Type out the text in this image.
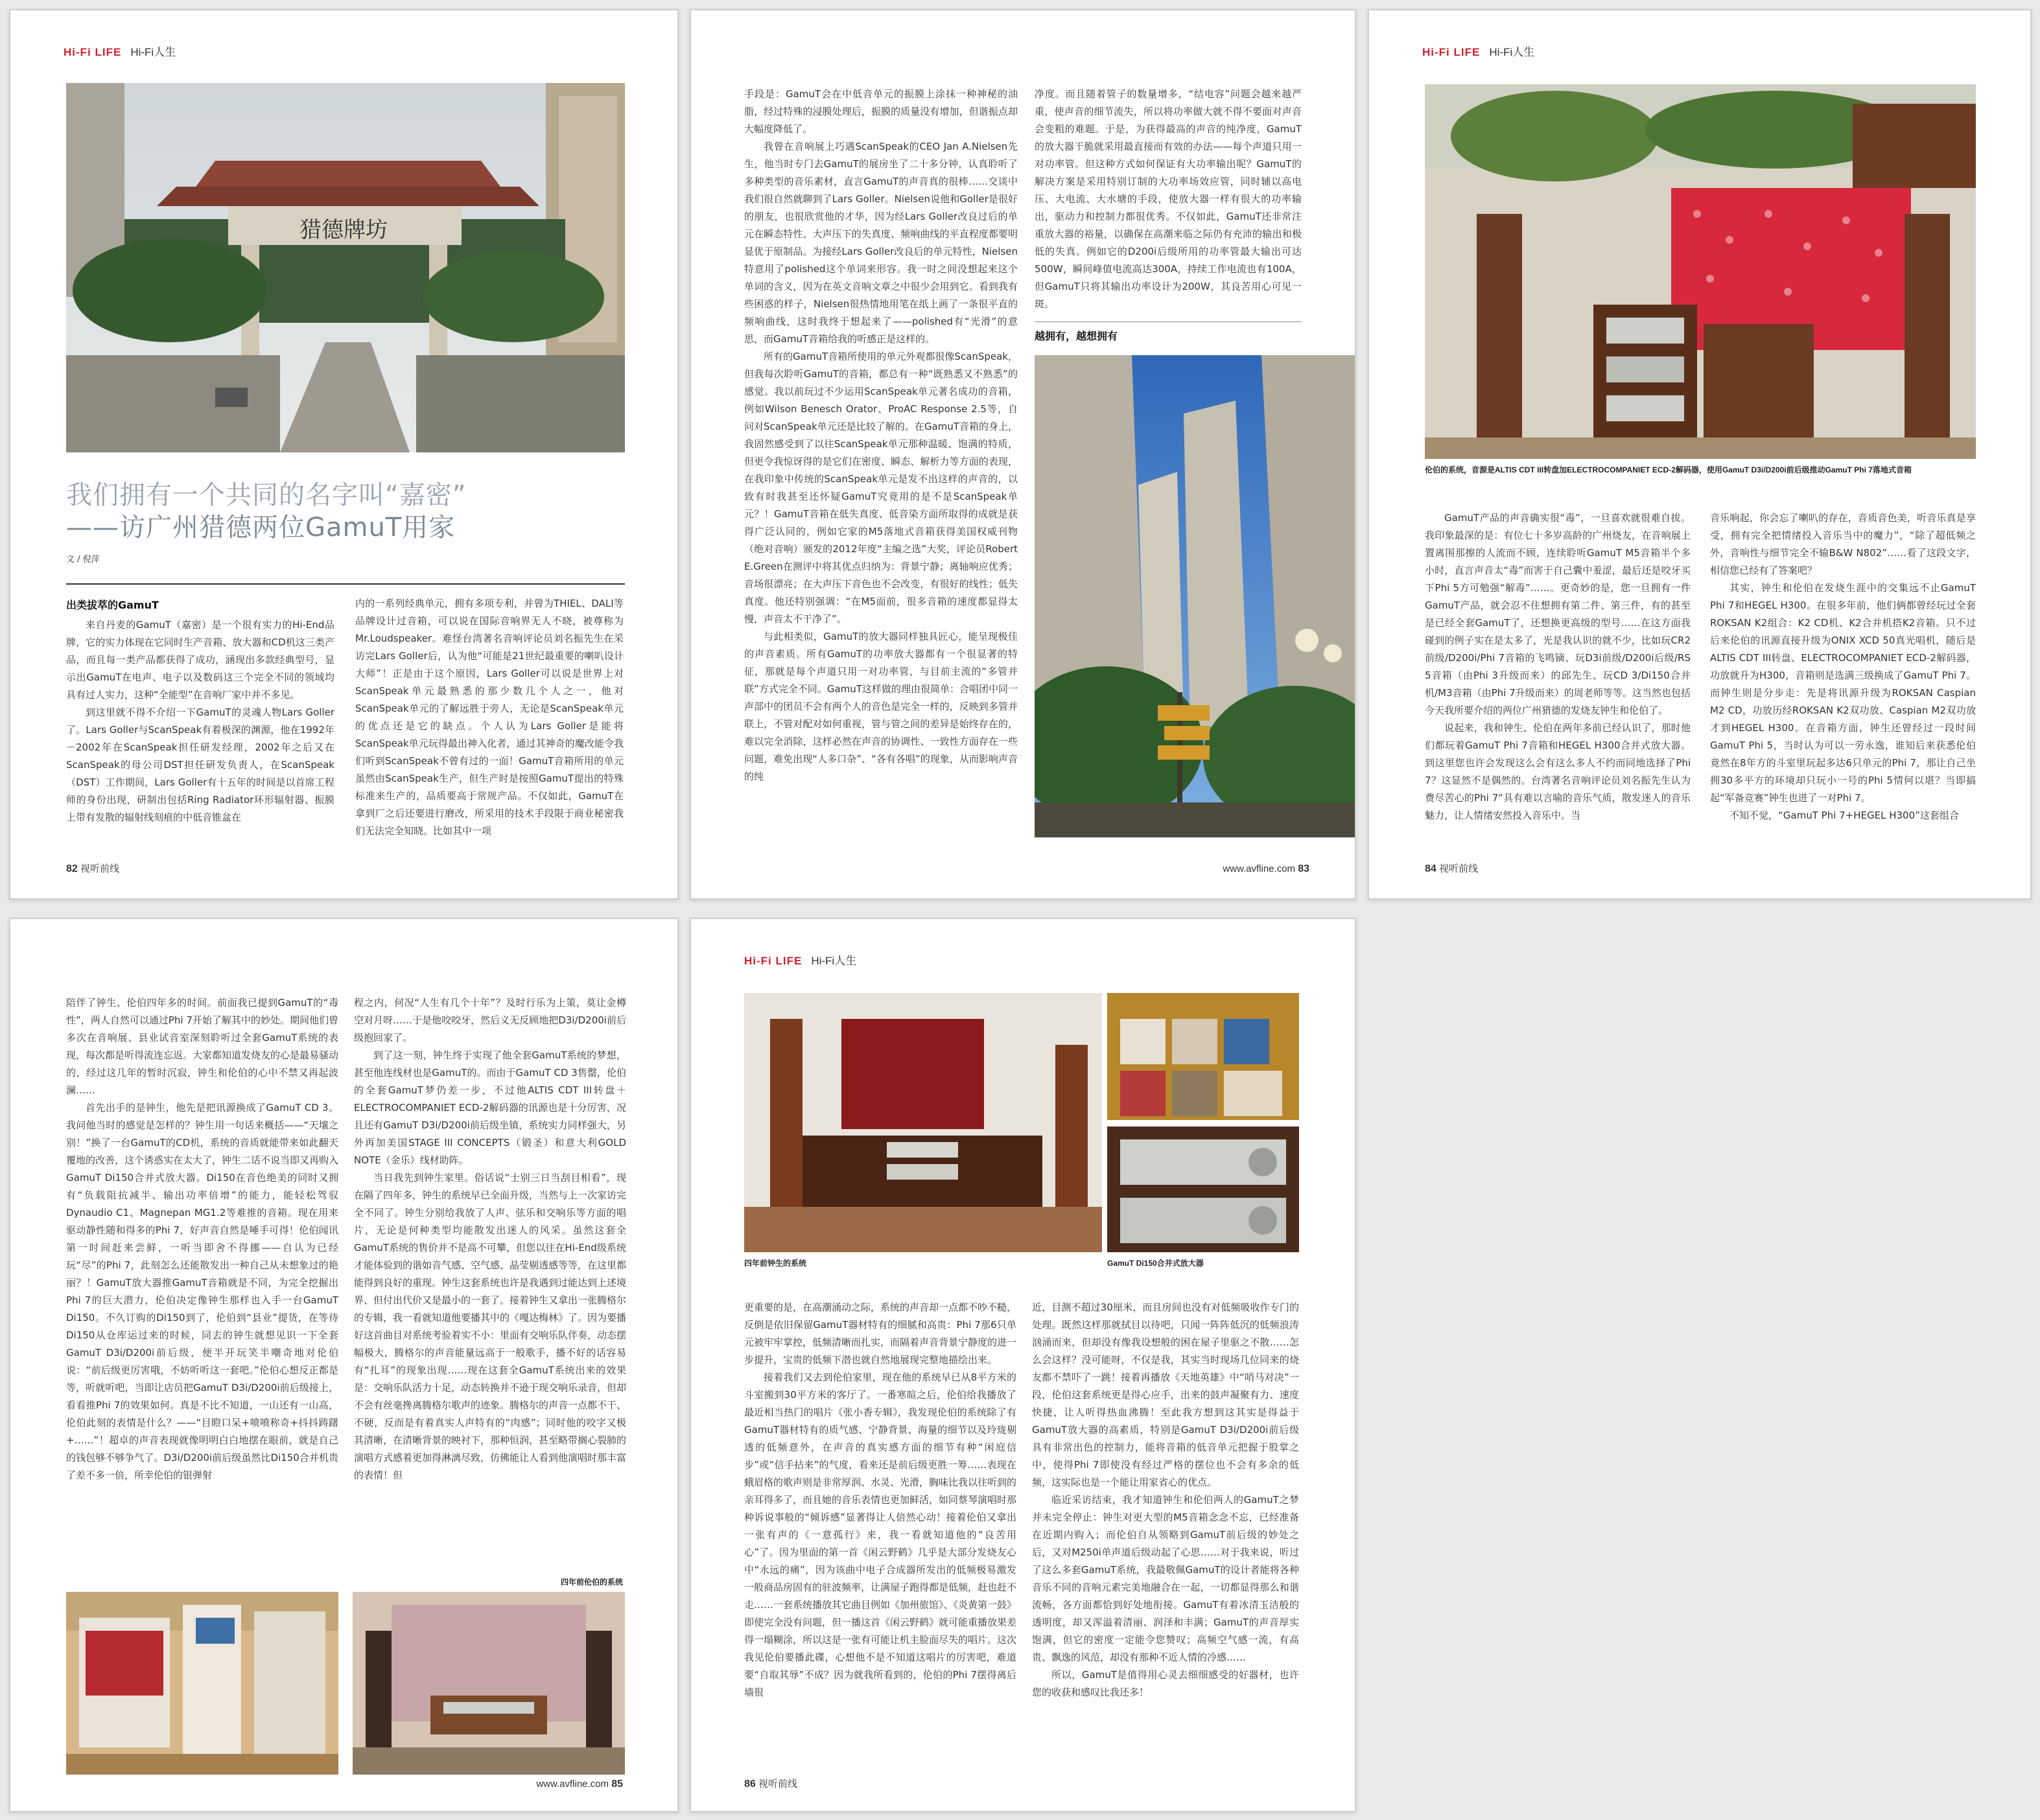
Hi-Fi LIFE Hi-Fi人生
猎德牌坊
我们拥有一个共同的名字叫“嘉密”
——访广州猎德两位GamuT用家
文 / 倪萍
出类拔萃的GamuT

来自丹麦的GamuT（嘉密）是一个很有实力的Hi-End品牌，它的实力体现在它同时生产音箱、放大器和CD机这三类产品，而且每一类产品都获得了成功，涵现出多款经典型号，显示出GamuT在电声、电子以及数码这三个完全不同的领域均具有过人实力，这种“全能型”在音响厂家中并不多见。

到这里就不得不介绍一下GamuT的灵魂人物Lars Goller了。Lars Goller与ScanSpeak有着极深的渊源，他在1992年－2002年在ScanSpeak担任研发经理，2002年之后又在ScanSpeak的母公司DST担任研发负责人，在ScanSpeak（DST）工作期间，Lars Goller有十五年的时间是以首席工程师的身份出现，研制出包括Ring Radiator环形辐射器、振膜上带有发散的辐射线刻痕的中低音锥盆在

内的一系列经典单元，拥有多项专利，并曾为THIEL、DALI等品牌设计过音箱，可以说在国际音响界无人不晓，被尊称为Mr.Loudspeaker。难怪台湾著名音响评论员刘名振先生在采访完Lars Goller后，认为他“可能是21世纪最重要的喇叭设计大师”！正是由于这个原因，Lars Goller可以说是世界上对ScanSpeak单元最熟悉的那少数几个人之一，他对ScanSpeak单元的了解远胜于旁人，无论是ScanSpeak单元的优点还是它的缺点。个人认为Lars Goller是能将ScanSpeak单元玩得最出神入化者，通过其神奇的魔改能令我们听到ScanSpeak不曾有过的一面！GamuT音箱所用的单元虽然由ScanSpeak生产，但生产时是按照GamuT提出的特殊标准来生产的，品质要高于常规产品。不仅如此，GamuT在拿到厂之后还要进行磨改，所采用的技术手段限于商业秘密我们无法完全知晓。比如其中一项

82 视听前线

手段是：GamuT会在中低音单元的振膜上涂抹一种神秘的油脂，经过特殊的浸膜处理后，振膜的质量没有增加，但谐振点却大幅度降低了。

我曾在音响展上巧遇ScanSpeak的CEO Jan A.Nielsen先生，他当时专门去GamuT的展房坐了二十多分钟，认真聆听了多种类型的音乐素材，直言GamuT的声音真的很棒……交谈中我们很自然就聊到了Lars Goller。Nielsen说他和Goller是很好的朋友，也很欣赏他的才华，因为经Lars Goller改良过后的单元在瞬态特性、大声压下的失真度、频响曲线的平直程度都要明显优于原制品。为接经Lars Goller改良后的单元特性，Nielsen特意用了polished这个单词来形容。我一时之间没想起来这个单词的含义，因为在英文音响文章之中很少会用到它。看到我有些困惑的样子，Nielsen很热情地用笔在纸上画了一条很平直的频响曲线，这时我终于想起来了——polished有“光滑”的意思，而GamuT音箱给我的听感正是这样的。

所有的GamuT音箱所使用的单元外观都很像ScanSpeak，但我每次聆听GamuT的音箱，都总有一种“既熟悉又不熟悉”的感觉。我以前玩过不少运用ScanSpeak单元著名成功的音箱，例如Wilson Benesch Orator、ProAC Response 2.5等，自问对ScanSpeak单元还是比较了解的。在GamuT音箱的身上，我固然感受到了以往ScanSpeak单元那种温暖、饱满的特质，但更令我惊讶得的是它们在密度、瞬态、解析力等方面的表现，在我印象中传统的ScanSpeak单元是发不出这样的声音的，以致有时我甚至还怀疑GamuT究竟用的是不是ScanSpeak单元？！GamuT音箱在低失真度、低音染方面所取得的成就是获得广泛认同的，例如它家的M5落地式音箱获得美国权威刊物（绝对音响）颁发的2012年度“主编之选”大奖，评论员Robert E.Green在测评中将其优点归纳为：背景宁静；离轴响应优秀；音场很漂亮；在大声压下音色也不会改变，有很好的线性；低失真度。他还特别强调：“在M5面前，很多音箱的速度都显得太慢，声音太不干净了”。

与此相类似，GamuT的放大器同样独具匠心，能呈现极佳的声音素质。所有GamuT的功率放大器都有一个很显著的特征，那就是每个声道只用一对功率管，与目前主流的“多管并联”方式完全不同。GamuT这样做的理由很简单：合唱团中同一声部中的团员不会有两个人的音色是完全一样的，反映到多管并联上，不管对配对如何重视，管与管之间的差异是始终存在的，难以完全消除，这样必然在声音的协调性、一致性方面存在一些问题，难免出现“人多口杂”、“各有各唱”的现象，从而影响声音的纯

净度。而且随着管子的数量增多，“结电容”问题会越来越严重，使声音的细节流失，所以将功率做大就不得不要面对声音会变粗的难题。于是，为获得最高的声音的纯净度，GamuT的放大器干脆就采用最直接而有效的办法——每个声道只用一对功率管。但这种方式如何保证有大功率输出呢？GamuT的解决方案是采用特别订制的大功率场效应管，同时辅以高电压、大电流、大水塘的手段，使放大器一样有很大的功率输出，驱动力和控制力都很优秀。不仅如此，GamuT还非常注重放大器的裕量，以确保在高潮来临之际仍有充沛的输出和极低的失真。例如它的D200i后级所用的功率管最大输出可达500W，瞬间峰值电流高达300A，持续工作电流也有100A，但GamuT只将其输出功率设计为200W，其良苦用心可见一斑。

越拥有，越想拥有
www.avfline.com 83
Hi-Fi LIFE Hi-Fi人生
伦伯的系统，音源是ALTIS CDT III转盘加ELECTROCOMPANIET ECD-2解码器，使用GamuT D3i/D200i前后级推动GamuT Phi 7落地式音箱

GamuT产品的声音确实很“毒”，一旦喜欢就很难自拔。我印象最深的是：有位七十多岁高龄的广州烧友，在音响展上置离围那擦的人流而不顾，连续聆听GamuT M5音箱半个多小时，直言声音太“毒”而害于自己囊中羞涩，最后还是咬牙买下Phi 5方可勉强“解毒”……。更奇妙的是，您一旦拥有一件GamuT产品，就会忍不住想拥有第二件、第三件，有的甚至是已经全套GamuT了，还想换更高级的型号……在这方面我碰到的例子实在是太多了，光是我认识的就不少，比如玩CR2前级/D200i/Phi 7音箱的飞鸣镝、玩D3i前级/D200i后级/RS 5音箱（由Phi 3升级而来）的邱先生、玩CD 3/Di150合并机/M3音箱（由Phi 7升级而来）的周老师等等。这当然也包括今天我所要介绍的两位广州猎德的发烧友钟生和伦伯了。

说起来，我和钟生、伦伯在两年多前已经认识了，那时他们都玩着GamuT Phi 7音箱和HEGEL H300合并式放大器。到这里您也许会发现这么会有这么多人不约而同地选择了Phi 7？这显然不是偶然的。台湾著名音响评论员刘名振先生认为费尽苦心的Phi 7“具有难以言喻的音乐气质，散发迷人的音乐魅力，让人情绪安然投入音乐中。当

音乐响起，你会忘了喇叭的存在，音质音色美，听音乐真是享受，拥有完全把情绪投入音乐当中的魔力”，“除了超低频之外，音响性与细节完全不输B&W N802”……看了这段文字，相信您已经有了答案吧？

其实，钟生和伦伯在发烧生涯中的交集远不止GamuT Phi 7和HEGEL H300。在很多年前，他们俩都曾经玩过全套ROKSAN K2组合：K2 CD机、K2合并机搭K2音箱。只不过后来伦伯的讯源直接升级为ONIX XCD 50真光唱机，随后是ALTIS CDT III转盘、ELECTROCOMPANIET ECD-2解码器，功放就升为H300，音箱则是选满三级换成了GamuT Phi 7。而钟生则是分步走：先是将讯源升级为ROKSAN Caspian M2 CD，功放历经ROKSAN K2双功放、Caspian M2双功放才到HEGEL H300。在音箱方面，钟生还曾经过一段时间GamuT Phi 5，当时认为可以一劳永逸，谁知后来获悉伦伯竟然在8年方的斗室里玩起多达6只单元的Phi 7，那让自己坐拥30多平方的环境却只玩小一号的Phi 5情何以堪？当即搞起“军备竞赛”钟生也进了一对Phi 7。

不知不觉，“GamuT Phi 7+HEGEL H300”这套组合

84 视听前线

陪伴了钟生、伦伯四年多的时间。前面我已提到GamuT的“毒性”，两人自然可以通过Phi 7开始了解其中的妙处。期间他们曾多次在音响展、县业试音室深刻聆听过全套GamuT系统的表现，每次都是听得流连忘返。大家都知道发烧友的心是最易骚动的，经过这几年的暂时沉寂，钟生和伦伯的心中不禁又再起波澜……

首先出手的是钟生，他先是把讯源换成了GamuT CD 3。我问他当时的感觉是怎样的？钟生用一句话来概括——“天壤之别！”换了一台GamuT的CD机，系统的音质就能带来如此翻天覆地的改善，这个诱惑实在太大了，钟生二话不说当即又再购入GamuT Di150合并式放大器。Di150在音色绝美的同时又拥有“负载阻抗减半、输出功率倍增”的能力，能轻松驾驭Dynaudio C1、Magnepan MG1.2等难推的音箱。现在用来驱动静性随和得多的Phi 7，好声音自然是唾手可得！伦伯闻讯第一时间赶来尝鲜，一听当即舍不得挪——自认为已经玩“尽”的Phi 7，此刻怎么还能散发出一种自己从未想象过的艳丽？！GamuT放大器推GamuT音箱就是不同，为完全挖掘出Phi 7的巨大潜力，伦伯决定像钟生那样也入手一台GamuT Di150。不久订购的Di150到了，伦伯到“县业”提货，在等待Di150从仓库运过来的时候，同去的钟生就想见识一下全套GamuT D3i/D200i前后级，便半开玩笑半嘲奇地对伦伯说：“前后级更厉害哦，不妨听听这一套吧。”伦伯心想反正都是等，听就听吧，当即让店员把GamuT D3i/D200i前后级接上，看看推Phi 7的效果如何。真是不比不知道，一山还有一山高，伦伯此刻的表情是什么？——“目瞪口呆+喷喷称奇+抖抖踌躇+……”！超卓的声音表现就像明明白白地摆在眼前，就是自己的钱包够不够争气了。D3i/D200i前后级虽然比Di150合并机贵了差不多一倍，所幸伦伯的银弹射

程之内，何况“人生有几个十年”？及时行乐为上策，莫让金樽空对月呀……于是他咬咬牙，然后义无反顾地把D3i/D200i前后级抱回家了。

到了这一刻，钟生终于实现了他全套GamuT系统的梦想，甚至他连线材也是GamuT的。而由于GamuT CD 3售罄，伦伯的全套GamuT梦仍差一步，不过他ALTIS CDT III转盘＋ELECTROCOMPANIET ECD-2解码器的讯源也是十分厉害，况且还有GamuT D3i/D200i前后级坐镇，系统实力同样强大，另外再加美国STAGE III CONCEPTS（锻圣）和意大利GOLD NOTE（金乐）线材助阵。

当日我先到钟生家里。俗话说“士别三日当刮目相看”，现在隔了四年多，钟生的系统早已全面升级，当然与上一次家访完全不同了。钟生分别给我放了人声、弦乐和交响乐等方面的唱片，无论是何种类型均能散发出迷人的风采。虽然这套全GamuT系统的售价并不是高不可攀，但您以往在Hi-End级系统才能体验到的谐如音气感、空气感、晶莹剔透感等等，在这里都能得到良好的重现。钟生这套系统也许是我遇到过能达到上述境界、但付出代价又是最小的一套了。接着钟生又拿出一张腾格尔的专辑，我一看就知道他要播其中的《嘎达梅林》了。因为要播好这首曲目对系统考验着实不小：里面有交响乐队伴奏，动态摆幅极大，腾格尔的声音能量远高于一般歌手，播不好的话容易有“扎耳”的现象出现……现在这套全GamuT系统出来的效果是：交响乐队活力十足，动态转换并不逊于现交响乐录音，但却不会有丝毫搀离腾格尔歌声的迹象。腾格尔的声音一点都不干、不硬，反而是有着真实人声特有的“肉感”；同时他的咬字又极其清晰，在清晰背景的映衬下，那种恒润，甚至略带搁心裂肺的演唱方式感着更加得淋漓尽致，仿佛能让人看到他演唱时那丰富的表情！但

四年前伦伯的系统
www.avfline.com 85
Hi-Fi LIFE Hi-Fi人生
四年前钟生的系统	GamuT Di150合并式放大器

更重要的是，在高潮涌动之际，系统的声音却一点都不吵不糙，反倒是依旧保留GamuT器材特有的细腻和高贵：Phi 7那6只单元被牢牢掌控，低频清晰而扎实，而隔着声音背景宁静度的进一步提升，宝贵的低频下潜也就自然地展现完整地描绘出来。

接着我们又去到伦伯家里，现在他的系统早已从8平方米的斗室搬到30平方米的客厅了。一番寒暄之后，伦伯给我播放了最近相当热门的唱片《张小香专辑》，我发现伦伯的系统除了有GamuT器材特有的质气感、宁静背景、海量的细节以及玲珑剔透的低频意外，在声音的真实感方面的细节有种“闲庭信步”或“信手拈来”的气度，看来还是前后级更胜一筹……表现在蛾眉格的歌声则是非常厚润、水灵、光滑，胸味比我以往听到的亲耳得多了，而且她的音乐表情也更加鲜活，如同蔡琴演唱时那种诉说事般的“倾诉感”显著得让人倍然心动！接着伦伯又拿出一张有声的《一意孤行》来，我一看就知道他的“良苦用心”了。因为里面的第一首《闲云野鹤》几乎是大部分发烧友心中“永远的痛”，因为该曲中电子合成器所发出的低频极易激发一般商品房固有的驻波频率，让满屋子跑得都是低频，赶也赶不走……一套系统播放其它曲目例如《加州旅馆》、《炎黄第一鼓》即使完全没有问题，但一播这首《闲云野鹤》就可能重播放果差得一塌糊涂，所以这是一张有可能让机主脸面尽失的唱片。这次我见伦伯要播此碟，心想他不是不知道这唱片的厉害吧，难道要“自取其辱”不成？因为就我所看到的，伦伯的Phi 7摆得离后墙很

近，目测不超过30厘米，而且房间也没有对低频吸收作专门的处理。既然这样那就拭目以待吧，只闻一阵阵低沉的低频浪涛汹涌而来，但却没有像我设想般的困在屋子里驱之不散……怎么会这样？没可能呀，不仅是我，其实当时现场几位同来的烧友都不禁吓了一跳！接着再播放《天地英雄》中“哨马对决”一段，伦伯这套系统更是得心应手，出来的鼓声凝聚有力、速度快捷，让人听得热血沸腾！至此我方想到这其实是得益于GamuT放大器的高素质，特别是GamuT D3i/D200i前后级具有非常出色的控制力，能将音箱的低音单元把握于股掌之中，使得Phi 7即使没有经过严格的摆位也不会有多余的低频，这实际也是一个能让用家省心的优点。

临近采访结束，我才知道钟生和伦伯两人的GamuT之梦并未完全停止：钟生对更大型的M5音箱念念不忘，已经准备在近期内购入；而伦伯自从领略到GamuT前后级的妙处之后，又对M250i单声道后级动起了心思……对于我来说，听过了这么多套GamuT系统，我最敬佩GamuT的设计者能将各种音乐不同的音响元素完美地融合在一起，一切都显得那么和谐流畅，各方面都恰到好处地衔接。GamuT有着冰清玉洁般的透明度，却又浑溢着清丽、润泽和丰满；GamuT的声音厚实饱满，但它的密度一定能令您赞叹；高频空气感一流，有高贵、飘逸的风范，却没有那种不近人情的冷感……

所以，GamuT是值得用心灵去细细感受的好器材，也许您的收获和感叹比我还多！

86 视听前线
